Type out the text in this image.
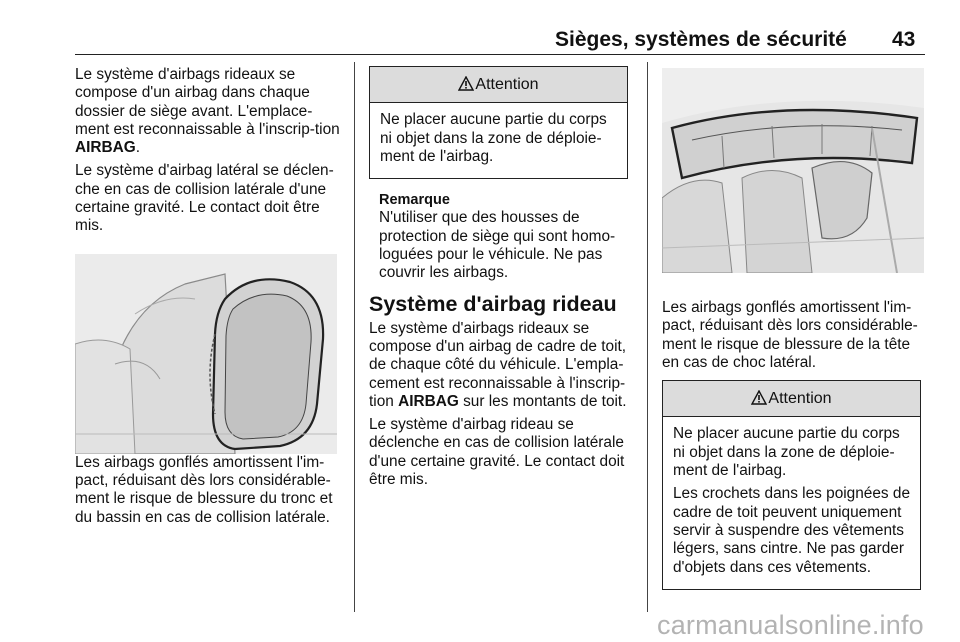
Sièges, systèmes de sécurité 43

Le système d'airbags rideaux se compose d'un airbag dans chaque dossier de siège avant. L'emplace-ment est reconnaissable à l'inscrip-tion AIRBAG.

Le système d'airbag latéral se déclen-che en cas de collision latérale d'une certaine gravité. Le contact doit être mis.

Les airbags gonflés amortissent l'im-pact, réduisant dès lors considérable-ment le risque de blessure du tronc et du bassin en cas de collision latérale.

Attention

Ne placer aucune partie du corps ni objet dans la zone de déploie-ment de l'airbag.

Remarque
N'utiliser que des housses de protection de siège qui sont homo-loguées pour le véhicule. Ne pas couvrir les airbags.
Système d'airbag rideau

Le système d'airbags rideaux se compose d'un airbag de cadre de toit, de chaque côté du véhicule. L'empla-cement est reconnaissable à l'inscrip-tion AIRBAG sur les montants de toit.

Le système d'airbag rideau se déclenche en cas de collision latérale d'une certaine gravité. Le contact doit être mis.

Les airbags gonflés amortissent l'im-pact, réduisant dès lors considérable-ment le risque de blessure de la tête en cas de choc latéral.

Attention

Ne placer aucune partie du corps ni objet dans la zone de déploie-ment de l'airbag.

Les crochets dans les poignées de cadre de toit peuvent uniquement servir à suspendre des vêtements légers, sans cintre. Ne pas garder d'objets dans ces vêtements.

carmanualsonline.info
